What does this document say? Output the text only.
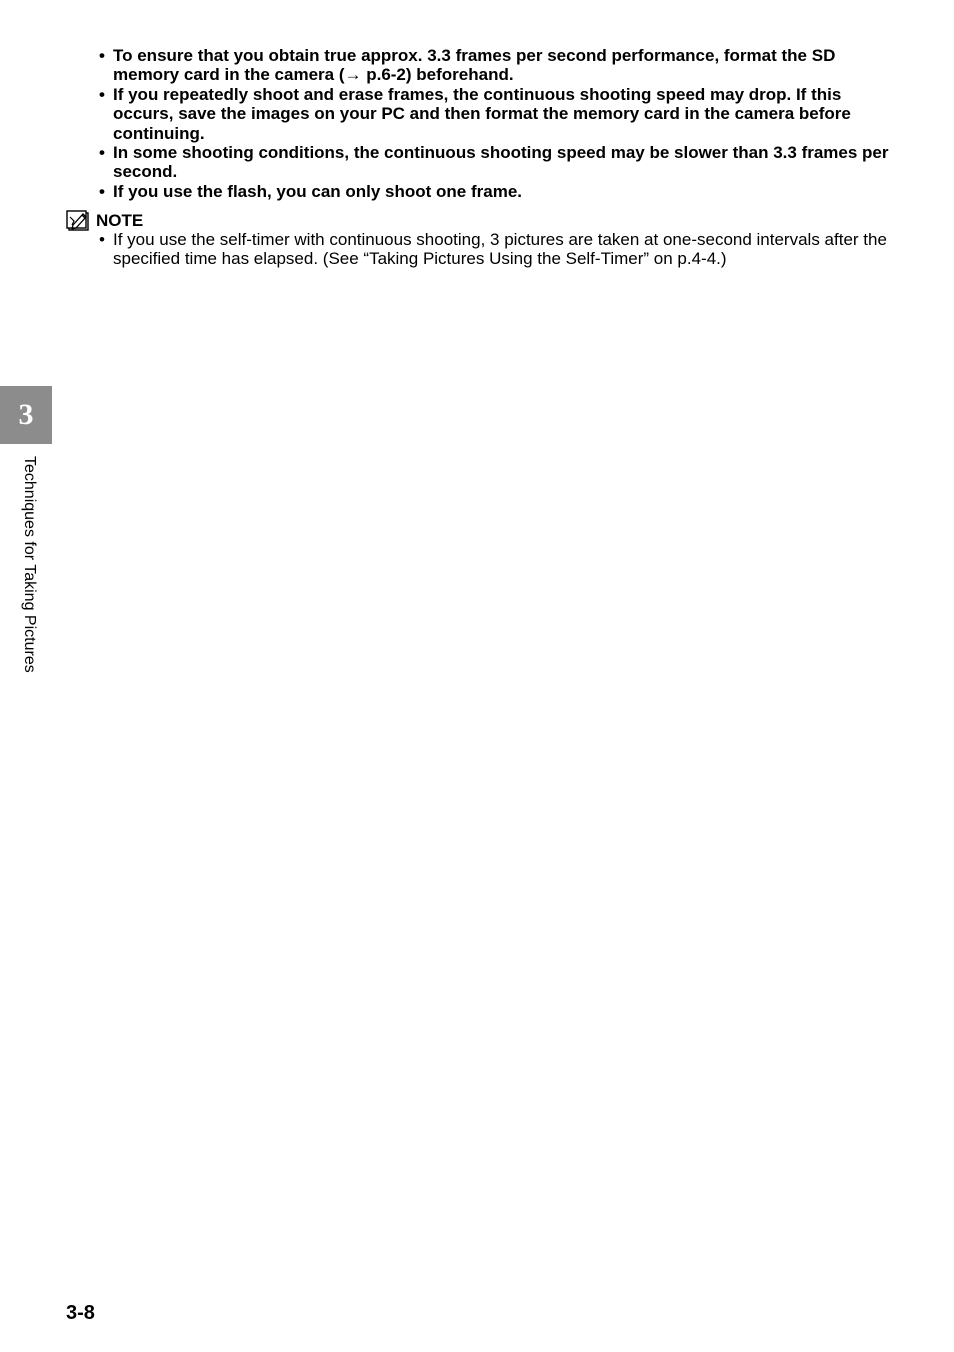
• To ensure that you obtain true approx. 3.3 frames per second performance, format the SD memory card in the camera (→ p.6-2) beforehand.
• If you repeatedly shoot and erase frames, the continuous shooting speed may drop. If this occurs, save the images on your PC and then format the memory card in the camera before continuing.
• In some shooting conditions, the continuous shooting speed may be slower than 3.3 frames per second.
• If you use the flash, you can only shoot one frame.
NOTE
• If you use the self-timer with continuous shooting, 3 pictures are taken at one-second intervals after the specified time has elapsed. (See “Taking Pictures Using the Self-Timer” on p.4-4.)
3
Techniques for Taking Pictures
3-8
